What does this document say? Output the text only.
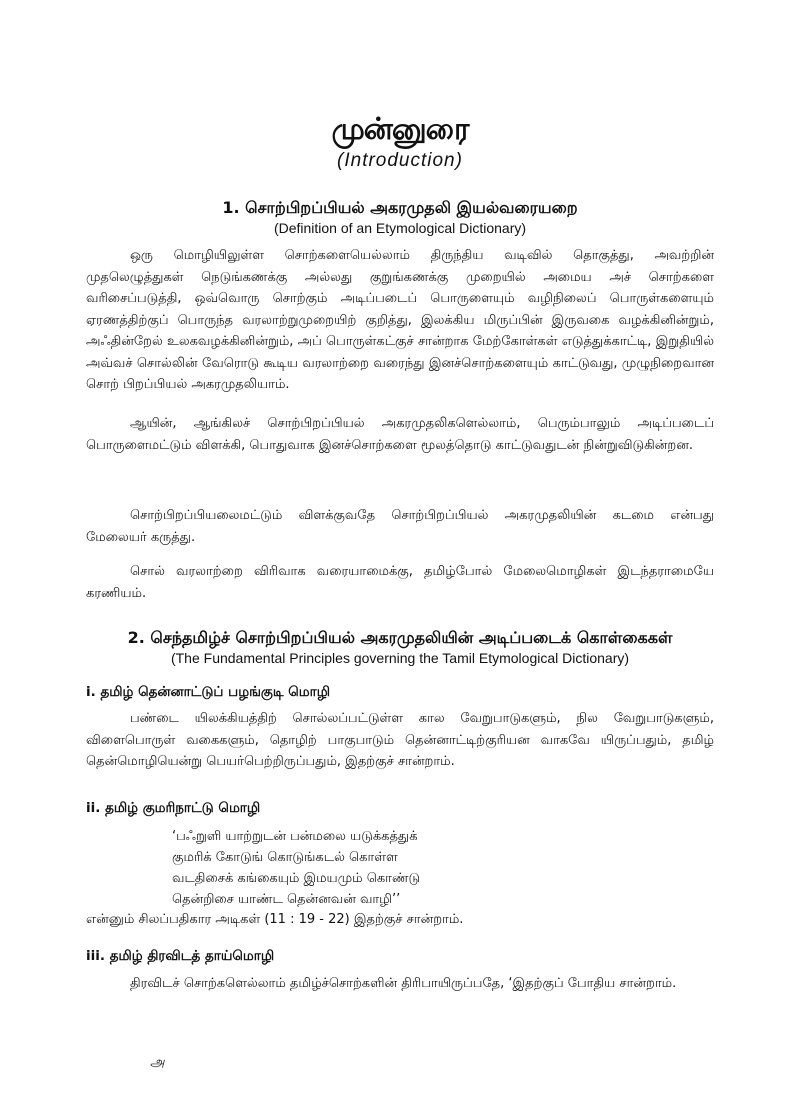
முன்னுரை
(Introduction)
1. சொற்பிறப்பியல் அகரமுதலி இயல்வரையறை
(Definition of an Etymological Dictionary)
ஒரு மொழியிலுள்ள சொற்களையெல்லாம் திருந்திய வடிவில் தொகுத்து, அவற்றின் முதலெழுத்துகள் நெடுங்கணக்கு அல்லது குறுங்கணக்கு முறையில் அமைய அச் சொற்களை வரிசைப்படுத்தி, ஒவ்வொரு சொற்கும் அடிப்படைப் பொருளையும் வழிநிலைப் பொருள்களையும் ஏரணத்திற்குப் பொருந்த வரலாற்றுமுறையிற் குறித்து, இலக்கிய மிருப்பின் இருவகை வழக்கினின்றும், அஃதின்றேல் உலகவழக்கினின்றும், அப் பொருள்கட்குச் சான்றாக மேற்கோள்கள் எடுத்துக்காட்டி, இறுதியில் அவ்வச் சொல்லின் வேரொடு கூடிய வரலாற்றை வரைந்து இனச்சொற்களையும் காட்டுவது, முழுநிறைவான சொற் பிறப்பியல் அகரமுதலியாம்.
ஆயின், ஆங்கிலச் சொற்பிறப்பியல் அகரமுதலிகளெல்லாம், பெரும்பாலும் அடிப்படைப் பொருளைமட்டும் விளக்கி, பொதுவாக இனச்சொற்களை மூலத்தொடு காட்டுவதுடன் நின்றுவிடுகின்றன.
சொற்பிறப்பியலைமட்டும் விளக்குவதே சொற்பிறப்பியல் அகரமுதலியின் கடமை என்பது மேலையர் கருத்து.
சொல் வரலாற்றை விரிவாக வரையாமைக்கு, தமிழ்போல் மேலைமொழிகள் இடந்தராமையே கரணியம்.
2. செந்தமிழ்ச் சொற்பிறப்பியல் அகரமுதலியின் அடிப்படைக் கொள்கைகள்
(The Fundamental Principles governing the Tamil Etymological Dictionary)
i. தமிழ் தென்னாட்டுப் பழங்குடி மொழி
பண்டை யிலக்கியத்திற் சொல்லப்பட்டுள்ள கால வேறுபாடுகளும், நில வேறுபாடுகளும், விளைபொருள் வகைகளும், தொழிற் பாகுபாடும் தென்னாட்டிற்குரியன வாகவே யிருப்பதும், தமிழ் தென்மொழியென்று பெயர்பெற்றிருப்பதும், இதற்குச் சான்றாம்.
ii. தமிழ் குமரிநாட்டு மொழி
‘பஃறுளி யாற்றுடன் பன்மலை யடுக்கத்துக்
குமரிக் கோடுங் கொடுங்கடல் கொள்ள
வடதிசைக் கங்கையும் இமயமும் கொண்டு
தென்றிசை யாண்ட தென்னவன் வாழி’’
என்னும் சிலப்பதிகார அடிகள் (11 : 19 - 22) இதற்குச் சான்றாம்.
iii. தமிழ் திரவிடத் தாய்மொழி
திரவிடச் சொற்களெல்லாம் தமிழ்ச்சொற்களின் திரிபாயிருப்பதே, ‘இதற்குப் போதிய சான்றாம்.
அ
